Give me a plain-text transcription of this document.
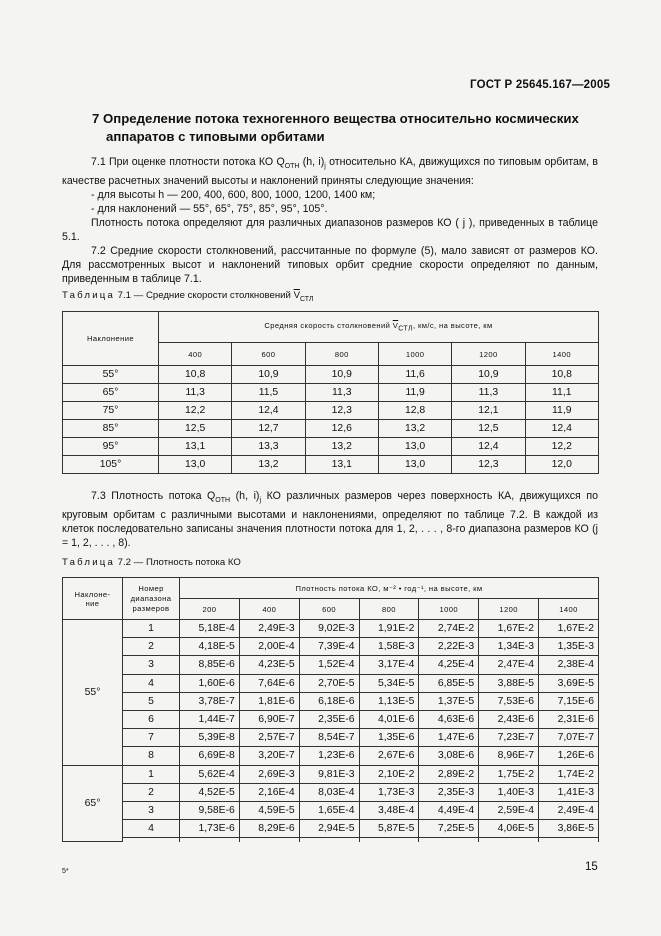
ГОСТ Р 25645.167—2005
7 Определение потока техногенного вещества относительно космических
аппаратов с типовыми орбитами

7.1 При оценке плотности потока КО $Q_{ОТН}$ (h, $i)_j$ относительно КА, движущихся по типовым орбитам, в качестве расчетных значений высоты и наклонений приняты следующие значения:

- для высоты h — 200, 400, 600, 800, 1000, 1200, 1400 км;

- для наклонений — 55°, 65°, 75°, 85°, 95°, 105°.

Плотность потока определяют для различных диапазонов размеров КО ( j ), приведенных в таблице 5.1.

7.2 Средние скорости столкновений, рассчитанные по формуле (5), мало зависят от размеров КО. Для рассмотренных высот и наклонений типовых орбит средние скорости определяют по данным, приведенным в таблице 7.1.

Таблица 7.1 — Средние скорости столкновений $\overline{V}_{СТЛ}$
Наклонение	Средняя скорость столкновений $\overline{V}_{СТЛ}$, км/с, на высоте, км					
	400	600	800	1000	1200	1400
55°	10,8	10,9	10,9	11,6	10,9	10,8
65°	11,3	11,5	11,3	11,9	11,3	11,1
75°	12,2	12,4	12,3	12,8	12,1	11,9
85°	12,5	12,7	12,6	13,2	12,5	12,4
95°	13,1	13,3	13,2	13,0	12,4	12,2
105°	13,0	13,2	13,1	13,0	12,3	12,0

7.3 Плотность потока $Q_{ОТН}$ (h, $i)_j$ КО различных размеров через поверхность КА, движущихся по круговым орбитам с различными высотами и наклонениями, определяют по таблице 7.2. В каждой из клеток последовательно записаны значения плотности потока для 1, 2, . . . , 8-го диапазона размеров КО (j = 1, 2, . . . , 8).

Таблица 7.2 — Плотность потока КО
Наклоне-
ние	Номер
диапазона
размеров	Плотность потока КО, м⁻² • год⁻¹, на высоте, км						
		200	400	600	800	1000	1200	1400
55°	1	5,18E-4	2,49E-3	9,02E-3	1,91E-2	2,74E-2	1,67E-2	1,67E-2
	2	4,18E-5	2,00E-4	7,39E-4	1,58E-3	2,22E-3	1,34E-3	1,35E-3
	3	8,85E-6	4,23E-5	1,52E-4	3,17E-4	4,25E-4	2,47E-4	2,38E-4
	4	1,60E-6	7,64E-6	2,70E-5	5,34E-5	6,85E-5	3,88E-5	3,69E-5
	5	3,78E-7	1,81E-6	6,18E-6	1,13E-5	1,37E-5	7,53E-6	7,15E-6
	6	1,44E-7	6,90E-7	2,35E-6	4,01E-6	4,63E-6	2,43E-6	2,31E-6
	7	5,39E-8	2,57E-7	8,54E-7	1,35E-6	1,47E-6	7,23E-7	7,07E-7
	8	6,69E-8	3,20E-7	1,23E-6	2,67E-6	3,08E-6	8,96E-7	1,26E-6
65°	1	5,62E-4	2,69E-3	9,81E-3	2,10E-2	2,89E-2	1,75E-2	1,74E-2
	2	4,52E-5	2,16E-4	8,03E-4	1,73E-3	2,35E-3	1,40E-3	1,41E-3
	3	9,58E-6	4,59E-5	1,65E-4	3,48E-4	4,49E-4	2,59E-4	2,49E-4
	4	1,73E-6	8,29E-6	2,94E-5	5,87E-5	7,25E-5	4,06E-5	3,86E-5

5*	15
